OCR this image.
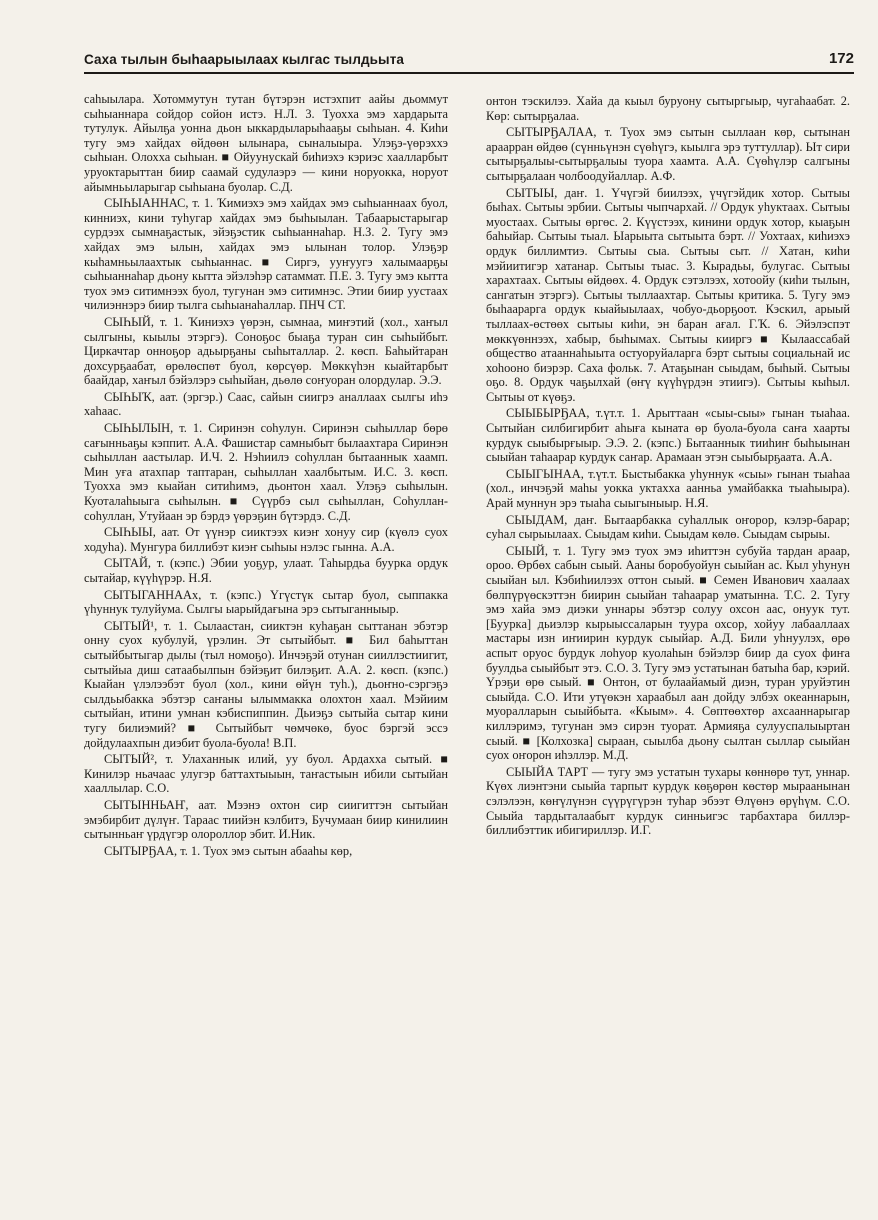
Саха тылын быһаарыылаах кылгас тылдьыта	172

саһыылара. Хотоммутун тутан бүтэрэн истэхпит аайы дьоммут сыһыаннара сойдор сойон истэ. Н.Л. 3. Туохха эмэ хардарыта тутулук. Айылҕа уонна дьон ыккардыларыһааҕы сыһыан. 4. Киһи тугу эмэ хайдах өйдөөн ылынара, сыналыыра. Улэҕэ-үөрэххэ сыһыан. Олохха сыһыан. ■ Ойуунускай биһиэхэ кэриэс хаалларбыт уруоктарыттан биир саамай судулаэрэ — кини норуокка, норуот айымньыларыгар сыһыана буолар. С.Д.

СЫҺЫАННАС, т. 1. Ҡимиэхэ эмэ хайдах эмэ сыһыаннаах буол, кинниэх, кини туһугар хайдах эмэ быһыылан. Табаарыстарыгар сурдээх сымнаҕастык, эйэҕэстик сыһыаннаһар. Н.З. 2. Тугу эмэ хайдах эмэ ылын, хайдах эмэ ылынан толор. Улэҕэр кыһамньылаахтык сыһыаннас. ■ Сиргэ, ууҥуугэ халымаарҕы сыһыаннаһар дьону кытта эйэлэһэр сатаммат. П.Е. 3. Тугу эмэ кытта туох эмэ ситимнээх буол, тугунан эмэ ситимнэс. Этии биир уустаах чилиэннэрэ биир тылга сыһыанаһаллар. ПНЧ СТ.

СЫҺЫЙ, т. 1. Ҡиниэхэ үөрэн, сымнаа, миҥэтий (хол., хаҥыл сылгыны, кыылы этэргэ). Соноҕос быаҕа туран син сыһыйбыт. Циркачтар онноҕор адьырҕаны сыһыталлар. 2. көсп. Баһыйтаран дохсурҕаабат, өрөлөспөт буол, көрсүөр. Мөккүһэн кыайтарбыт баайдар, хаҥыл бэйэлэрэ сыһыйан, дьөлө соҥуоран олордулар. Э.Э.

СЫҺЫҠ, аат. (эргэр.) Саас, сайын сиигрэ аналлаах сылгы иһэ хаһаас.

СЫҺЫЛЫН, т. 1. Сиринэн соһулун. Сиринэн сыһыллар бөрө сағынньаҕы кэппит. А.А. Фашистар самныбыт былаахтара Сиринэн сыһыллан аастылар. И.Ч. 2. Нэһиилэ соһуллан бытааннык хаамп. Мин уға атахпар таптаран, сыһыллан хаалбытым. И.С. 3. көсп. Туохха эмэ кыайан ситиһимэ, дьонтон хаал. Улэҕэ сыһылын. Куоталаһыыга сыһылын. ■ Сүүрбэ сыл сыһыллан, Соһуллан-соһуллан, Утуйаан эр бэрдэ үөрэҕин бүтэрдэ. С.Д.

СЫҺЫЫ, аат. От үүнэр сииктээх киэҥ хонуу сир (күөлэ суох ходуһа). Мунгура биллибэт киэҥ сыһыы нэлэс гынна. А.А.

СЫТАЙ, т. (кэпс.) Эбии уоҕур, улаат. Таһырдьа бууркa ордук сытайар, күүһүрэр. Н.Я.

СЫТЫГАННААх, т. (кэпс.) Үгүстүк сытар буол, сыппакка үһуннук тулуйума. Сылгы ыарыйдағына эрэ сытыганныыр.

СЫТЫЙ¹, т. 1. Сылаастан, сииктэн куһаҕан сыттанан эбэтэр онну суох кубулуй, үрэлин. Эт сытыйбыт. ■ Бил баһыттан сытыйбытыгар дылы (тыл номоҕо). Инчэҕэй отунан сииллэстиигит, сытыйыа диш сатаабылпын бэйэҕит билэҕит. А.А. 2. көсп. (кэпс.) Кыайан үлэлээбэт буол (хол., кини өйүн туһ.), дьоҥно-сэргэҕэ сылдьыбакка эбэтэр саҥаны ылыммакка олохтон хаал. Мэйиим сытыйан, итини умнан кэбиспиппин. Дьиэҕэ сытыйа сытар кини тугу билиэмий? ■ Сытыйбыт чөмчөкө, буос бэргэй эссэ дойдулаахпын диэбит буола-буола! В.П.

СЫТЫЙ², т. Улаханнык илий, уу буол. Ардахха сытый. ■ Кинилэр ньачаас улугэр баттахтыыын, таҥастыын ибили сытыйан хааллылар. С.О.

СЫТЫННЬАҤ, аат. Мээнэ охтон сир сиигиттэн сытыйан эмэбирбит дүлүҥ. Тараас тиийэн кэлбитэ, Бучумаан биир кинилиин сытынньаҥ үрдүгэр олороллор эбит. И.Ник.

СЫТЫРҔАА, т. 1. Туох эмэ сытын абааһы көр,

онтон тэскилээ. Хайа да кыыл буруону сытыргыыр, чугаһаабат. 2. Көр: сытырҕалаа.

СЫТЫРҔАЛАА, т. Туох эмэ сытын сыллаан көр, сытынан араарран өйдөө (сүнньүнэн сүөһүгэ, кыылга эрэ туттуллар). Ыт сири сытырҕалыы-сытырҕалыы туора хаамта. А.А. Сүөһүлэр салгыны сытырҕалаан чолбоодуйаллар. А.Ф.

СЫТЫЫ, даҥ. 1. Үчүгэй биилээх, үчүгэйдик хотор. Сытыы быһах. Сытыы эрбии. Сытыы чыпчархай. // Ордук уһуктаах. Сытыы муостаах. Сытыы өргөс. 2. Күүстээх, кинини ордук хотор, кыаҕын баһыйар. Сытыы тыал. Ыарыыта сытыыта бэрт. // Уохтаах, киһиэхэ ордук биллимтиэ. Сытыы сыа. Сытыы сыт. // Хатан, киһи мэйиитигэр хатанар. Сытыы тыас. 3. Кырадьы, булугас. Сытыы харахтаах. Сытыы өйдөөх. 4. Ордук сэтэлээх, хотоойу (киһи тылын, сангатын этэргэ). Сытыы тыллаахтар. Сытыы критика. 5. Тугу эмэ быһаарарга ордук кыайыылаах, чобуо-дьорҕоот. Кэскил, арыый тыллаах-өстөөх сытыы киһи, эн баран ағал. Г.Ҡ. 6. Эйэлэспэт мөккүөннээх, хабыр, быһымах. Сытыы кииргэ ■ Кылаассабай общество атааннаһыыта остуоруйаларга бэрт сытыы социальнай ис хоһооно биэрэр. Саха фольк. 7. Атаҕынан сыыдам, быһый. Сытыы оҕо. 8. Ордук чаҕылхай (өҥү күүһүрдэн этиигэ). Сытыы кыһыл. Сытыы от күөҕэ.

СЫЫБЫРҔАА, т.үт.т. 1. Арыттаан «сыы-сыы» гынан тыаһаа. Сытыйан силбигирбит аһыға кыната өр буола-буола саҥа хаарты курдук сыыбырғыыр. Э.Э. 2. (кэпс.) Бытааннык тииһиҥ быһыынан сыыйан таһаарар курдук саҥар. Арамаан этэн сыыбырҕаата. А.А.

СЫЫГЫНАА, т.үт.т. Быстыбакка уһуннук «сыы» гынан тыаһаа (хол., инчэҕэй маһы уокка уктахха аанньа умайбакка тыаһыыра). Арай муннун эрэ тыаһа сыыгыныыр. Н.Я.

СЫЫДАМ, даҥ. Бытаарбакка суһаллык оҥорор, кэлэр-барар; суһал сырыылаах. Сыыдам киһи. Сыыдам көлө. Сыыдам сырыы.

СЫЫЙ, т. 1. Тугу эмэ туох эмэ иһиттэн субуйа тардан араар, ороо. Өрбөх сабын сыый. Ааны боробуойун сыыйан ас. Кыл уһунун сыыйан ыл. Кэбиһиилээх оттон сыый. ■ Семен Иванович хаалаах бөлпүрүөскэттэн биирин сыыйан таһаарар уматынна. Т.С. 2. Тугу эмэ хайа эмэ диэки уннары эбэтэр солуу охсон аас, онуук тут. [Бууркa] дьиэлэр кырыыссаларын туура охсор, хойуу лабааллаах мастары изн иҥиирин курдук сыыйар. А.Д. Били уһнуулэх, өрө аспыт оруос бурдук лоһуор куолаһын бэйэлэр биир да суох фиҥа буулдьа сыыйбыт этэ. С.О. 3. Тугу эмэ устатынан батыһа бар, кэрий. Үрэҕи өрө сыый. ■ Онтон, от булаайамый диэн, туран уруйэтин сыыйда. С.О. Ити утүөкэн хараабыл аан дойду элбэх океаннарын, муоралларын сыыйбыта. «Кыым». 4. Сөптөөхтөр ахсааннарыгар киллэримэ, тугунан эмэ сирэн туорат. Армияҕа сулууспалыыртан сыый. ■ [Колхозка] сыраан, сыылба дьону сылтан сыллар сыыйан суох оҥорон иһэллэр. М.Д.

СЫЫЙА ТАРТ — тугу эмэ устатын тухары көннөрө тут, уннар. Күөх лиэнтэни сыыйа тарпыт курдук көҕөрөн көстөр мыраанынан сэлэлээн, көҥүлүнэн сүүрүгүрэн туһар эбээт Өлүөнэ өрүһүм. С.О. Сыыйа тардыталаабыт курдук синньигэс тарбахтара биллэр-биллибэттик ибигириллэр. И.Г.
